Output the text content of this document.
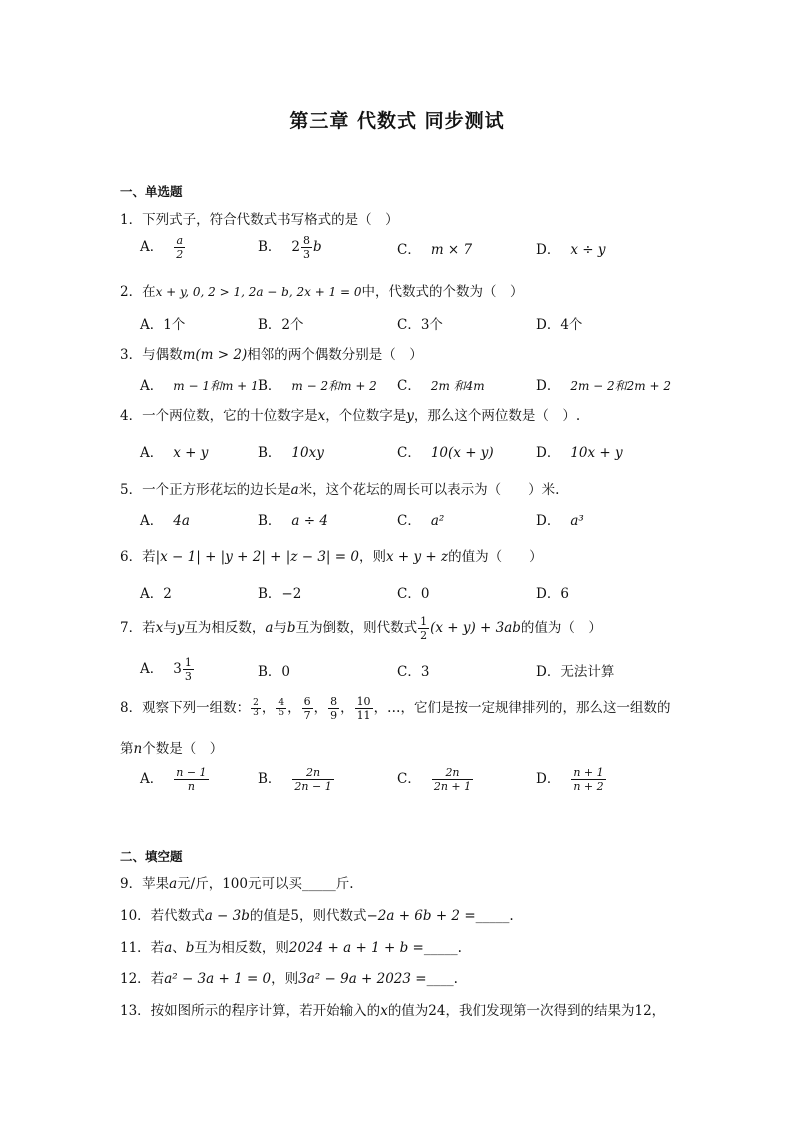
第三章 代数式 同步测试
一、单选题
1．下列式子，符合代数式书写格式的是（　）
A． $\frac{a}{2}$	B． $2 \frac{8}{3}$ b	C． m × 7	D． x ÷ y
2．在x + y, 0, 2 > 1, 2a − b, 2x + 1 = 0中，代数式的个数为（　）
A．1个	B．2个	C．3个	D．4个
3．与偶数m(m > 2)相邻的两个偶数分别是（　）
A． m − 1和m + 1 B． m − 2和m + 2 C． 2m 和4m	D． 2m − 2和2m + 2
4．一个两位数，它的十位数字是x，个位数字是y，那么这个两位数是（　）.
A． x + y	B． 10xy	C． 10(x + y)	D． 10x + y
5．一个正方形花坛的边长是a米，这个花坛的周长可以表示为（　　）米.
A． 4a	B． a ÷ 4	C． a²	D． a³
6．若|x − 1| + |y + 2| + |z − 3| = 0，则x + y + z的值为（　　）
A．2	B．−2	C．0	D．6
7．若x与y互为相反数，a与b互为倒数，则代数式 $\frac{1}{2} (x + y) + 3ab$的值为（　）
A． $3 \frac{1}{3}$	B．0	C．3	D．无法计算
8．观察下列一组数： $\frac{2}{3}$ ， $\frac{4}{5}$ ， $\frac{6}{7}$ ， $\frac{8}{9}$ ， $\frac{10}{11}$ ，…，它们是按一定规律排列的，那么这一组数的
第n个数是（　）
A． $\frac{n - 1}{n}$	B． $\frac{2n}{2n - 1}$	C． $\frac{2n}{2n + 1}$	D． $\frac{n + 1}{n + 2}$
二、填空题
9．苹果a元/斤，100元可以买_____斤.
10．若代数式a − 3b的值是5，则代数式−2a + 6b + 2 =_____.
11．若a、b互为相反数，则2024 + a + 1 + b =_____.
12．若a² − 3a + 1 = 0，则3a² − 9a + 2023 =____.
13．按如图所示的程序计算，若开始输入的x的值为24，我们发现第一次得到的结果为12，
